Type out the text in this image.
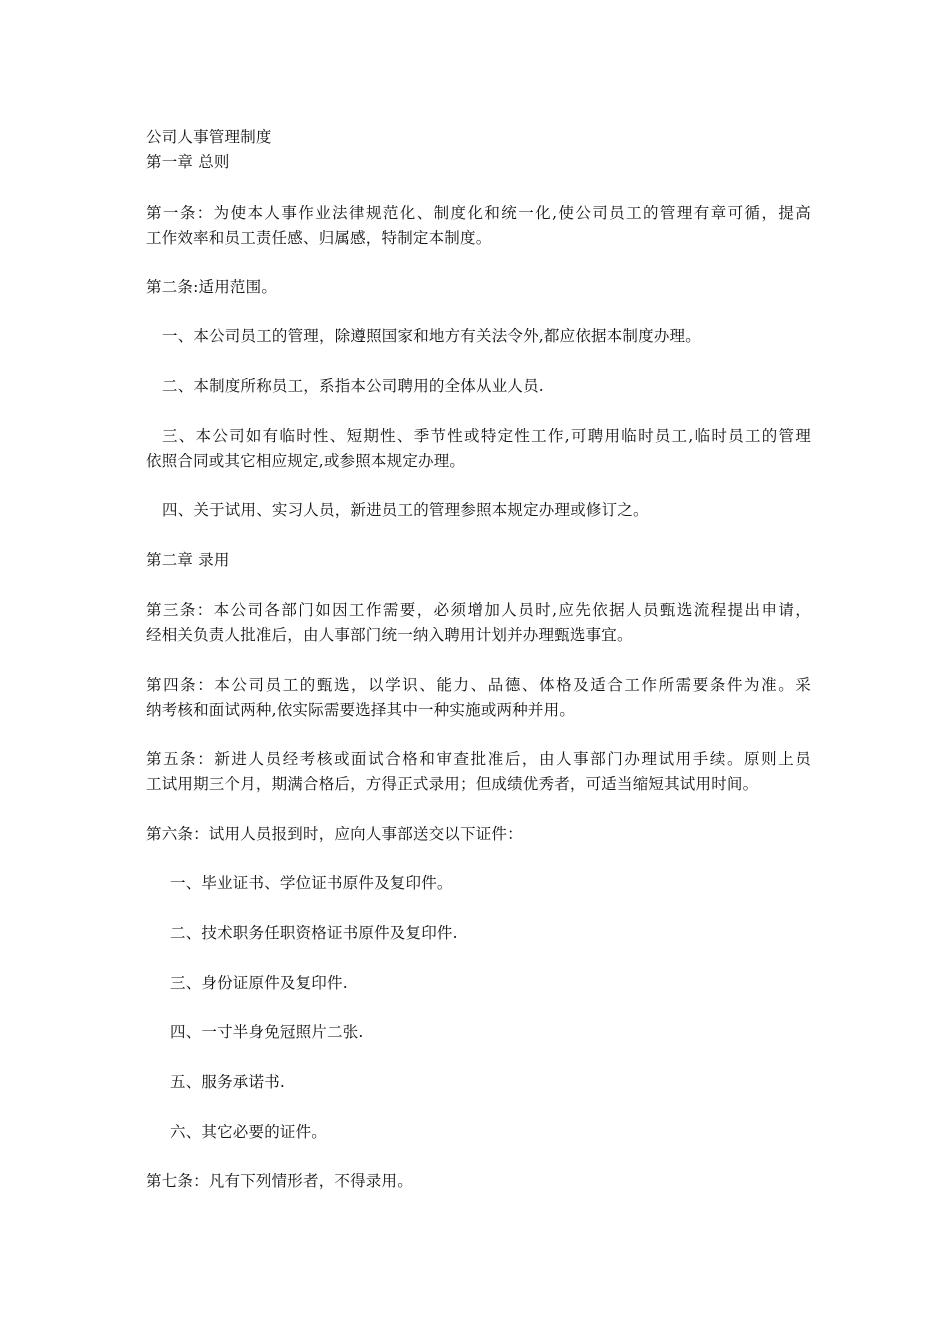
公司人事管理制度
第一章 总则
第一条：为使本人事作业法律规范化、制度化和统一化,使公司员工的管理有章可循，提高
工作效率和员工责任感、归属感，特制定本制度。
第二条:适用范围。
一、本公司员工的管理，除遵照国家和地方有关法令外,都应依据本制度办理。
二、本制度所称员工，系指本公司聘用的全体从业人员.
三、本公司如有临时性、短期性、季节性或特定性工作,可聘用临时员工,临时员工的管理
依照合同或其它相应规定,或参照本规定办理。
四、关于试用、实习人员，新进员工的管理参照本规定办理或修订之。
第二章 录用
第三条：本公司各部门如因工作需要，必须增加人员时,应先依据人员甄选流程提出申请，
经相关负责人批准后，由人事部门统一纳入聘用计划并办理甄选事宜。
第四条：本公司员工的甄选，以学识、能力、品德、体格及适合工作所需要条件为准。采
纳考核和面试两种,依实际需要选择其中一种实施或两种并用。
第五条：新进人员经考核或面试合格和审查批准后，由人事部门办理试用手续。原则上员
工试用期三个月，期满合格后，方得正式录用；但成绩优秀者，可适当缩短其试用时间。
第六条：试用人员报到时，应向人事部送交以下证件：
一、毕业证书、学位证书原件及复印件。
二、技术职务任职资格证书原件及复印件.
三、身份证原件及复印件.
四、一寸半身免冠照片二张.
五、服务承诺书.
六、其它必要的证件。
第七条：凡有下列情形者，不得录用。
